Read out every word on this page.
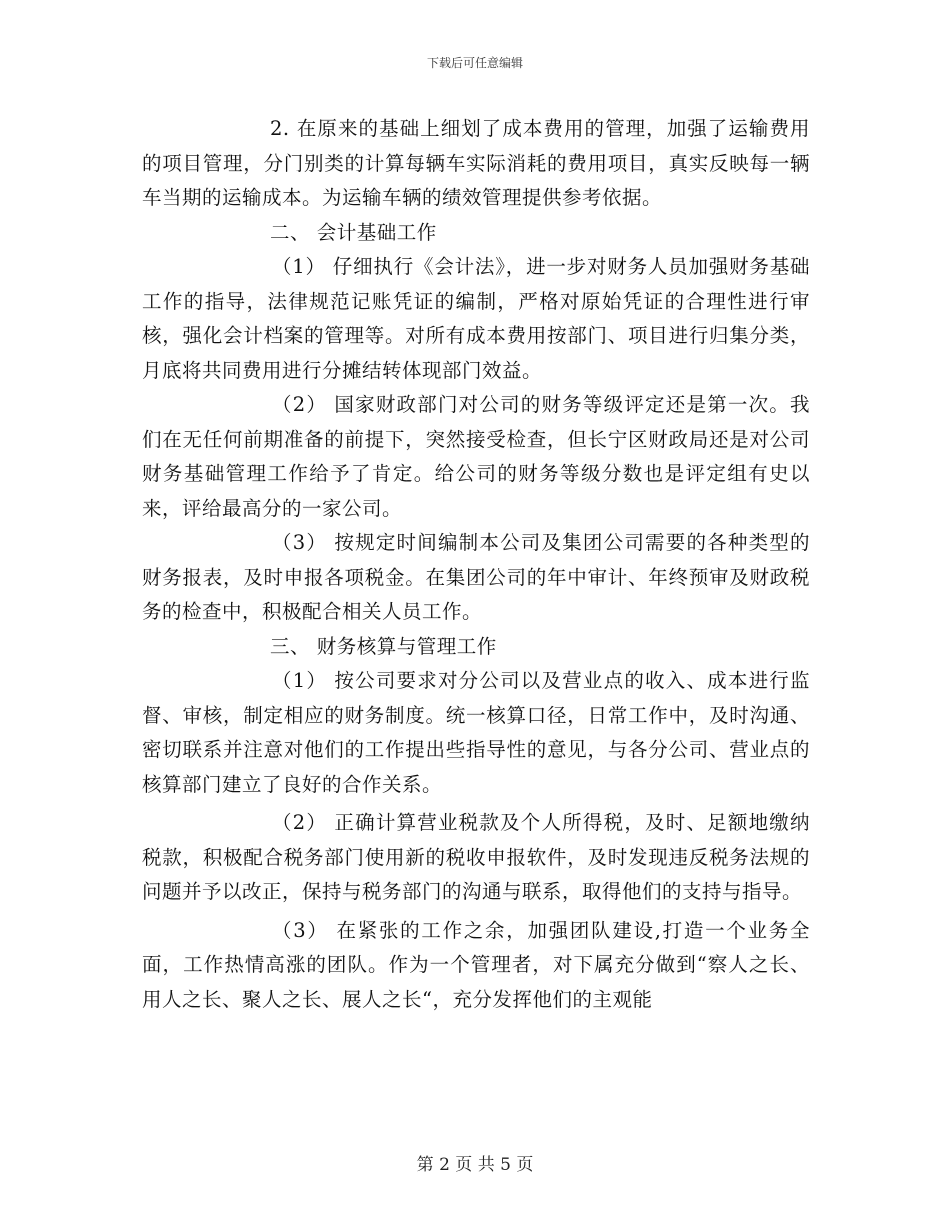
下载后可任意编辑

2. 在原来的基础上细划了成本费用的管理，加强了运输费用的项目管理，分门别类的计算每辆车实际消耗的费用项目，真实反映每一辆车当期的运输成本。为运输车辆的绩效管理提供参考依据。

二、 会计基础工作

（1） 仔细执行《会计法》，进一步对财务人员加强财务基础工作的指导，法律规范记账凭证的编制，严格对原始凭证的合理性进行审核，强化会计档案的管理等。对所有成本费用按部门、项目进行归集分类，月底将共同费用进行分摊结转体现部门效益。

（2） 国家财政部门对公司的财务等级评定还是第一次。我们在无任何前期准备的前提下，突然接受检查，但长宁区财政局还是对公司财务基础管理工作给予了肯定。给公司的财务等级分数也是评定组有史以来，评给最高分的一家公司。

（3） 按规定时间编制本公司及集团公司需要的各种类型的财务报表，及时申报各项税金。在集团公司的年中审计、年终预审及财政税务的检查中，积极配合相关人员工作。

三、 财务核算与管理工作

（1） 按公司要求对分公司以及营业点的收入、成本进行监督、审核，制定相应的财务制度。统一核算口径，日常工作中，及时沟通、密切联系并注意对他们的工作提出些指导性的意见，与各分公司、营业点的核算部门建立了良好的合作关系。

（2） 正确计算营业税款及个人所得税，及时、足额地缴纳税款，积极配合税务部门使用新的税收申报软件，及时发现违反税务法规的问题并予以改正，保持与税务部门的沟通与联系，取得他们的支持与指导。

（3） 在紧张的工作之余，加强团队建设,打造一个业务全面，工作热情高涨的团队。作为一个管理者，对下属充分做到“察人之长、用人之长、聚人之长、展人之长“，充分发挥他们的主观能

第 2 页 共 5 页
